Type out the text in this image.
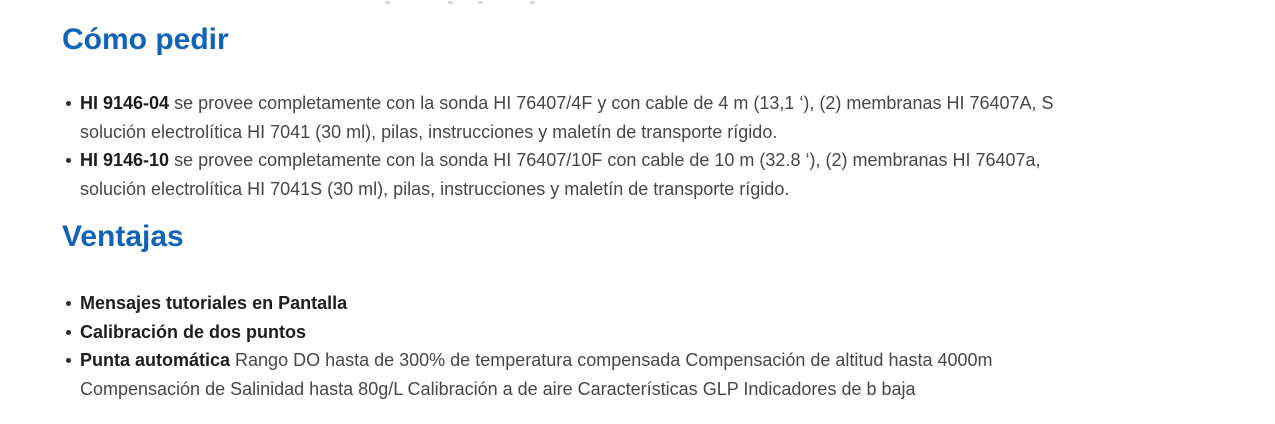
Cómo pedir
HI 9146-04 se provee completamente con la sonda HI 76407/4F y con cable de 4 m (13,1 ‘), (2) membranas HI 76407A, S solución electrolítica HI 7041 (30 ml), pilas, instrucciones y maletín de transporte rígido.
HI 9146-10 se provee completamente con la sonda HI 76407/10F con cable de 10 m (32.8 ‘), (2) membranas HI 76407a, solución electrolítica HI 7041S (30 ml), pilas, instrucciones y maletín de transporte rígido.
Ventajas
Mensajes tutoriales en Pantalla
Calibración de dos puntos
Punta automática Rango DO hasta de 300% de temperatura compensada Compensación de altitud hasta 4000m Compensación de Salinidad hasta 80g/L Calibración a de aire Características GLP Indicadores de b baja
